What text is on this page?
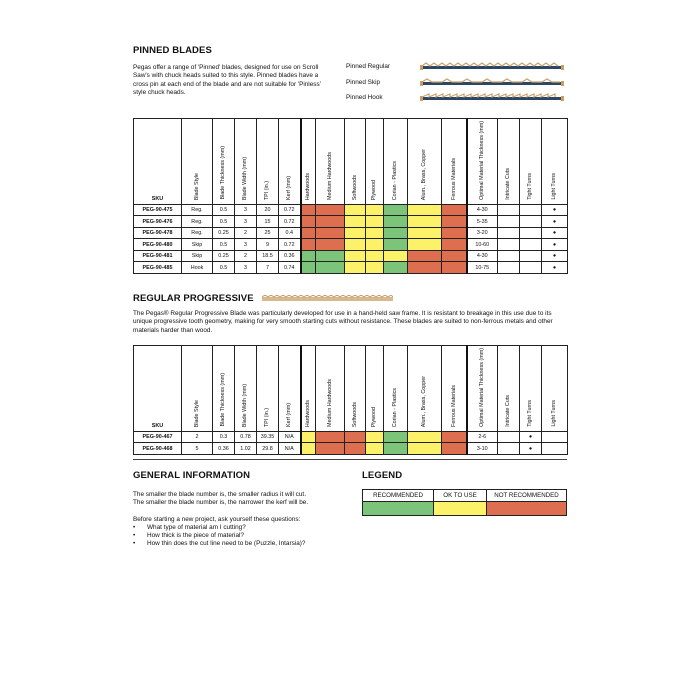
PINNED BLADES
Pegas offer a range of 'Pinned' blades, designed for use on Scroll Saw's with chuck heads suited to this style. Pinned blades have a cross pin at each end of the blade and are not suitable for 'Pinless' style chuck heads.
Pinned Regular
Pinned Skip
Pinned Hook
SKU	Blade Style	Blade Thickness (mm)	Blade Width (mm)	TPI (in.)	Kerf (mm)	Hardwoods	Medium Hardwoods	Softwoods	Plywood	Corian - Plastics	Alum., Brass, Copper	Ferrous Materials	Optimal Material Thickness (mm)	Intricate Cuts	Tight Turns	Light Turns
PEG-90-475	Reg.	0.5	3	20	0.72								4-30			●
PEG-90-476	Reg.	0.5	3	15	0.72								5-35			●
PEG-90-478	Reg.	0.25	2	25	0.4								3-20			●
PEG-90-480	Skip	0.5	3	9	0.72								10-60			●
PEG-90-481	Skip	0.25	2	18.5	0.36								4-30			●
PEG-90-485	Hook	0.5	3	7	0.74								10-75			●
REGULAR PROGRESSIVE
The Pegas® Regular Progressive Blade was particularly developed for use in a hand-held saw frame. It is resistant to breakage in this use due to its unique progressive tooth geometry, making for very smooth starting cuts without resistance. These blades are suited to non-ferrous metals and other materials harder than wood.
SKU	Blade Style	Blade Thickness (mm)	Blade Width (mm)	TPI (in.)	Kerf (mm)	Hardwoods	Medium Hardwoods	Softwoods	Plywood	Corian - Plastics	Alum., Brass, Copper	Ferrous Materials	Optimal Material Thickness (mm)	Intricate Cuts	Tight Turns	Light Turns
PEG-90-467	2	0.3	0.78	39.35	N/A								2-6		●	
PEG-90-468	5	0.36	1.02	29.8	N/A								3-10		●	
GENERAL INFORMATION
The smaller the blade number is, the smaller radius it will cut.
The smaller the blade number is, the narrower the kerf will be.
Before starting a new project, ask yourself these questions:
• What type of material am I cutting?
• How thick is the piece of material?
• How thin does the cut line need to be (Puzzle, Intarsia)?
LEGEND
RECOMMENDED	OK TO USE	NOT RECOMMENDED
